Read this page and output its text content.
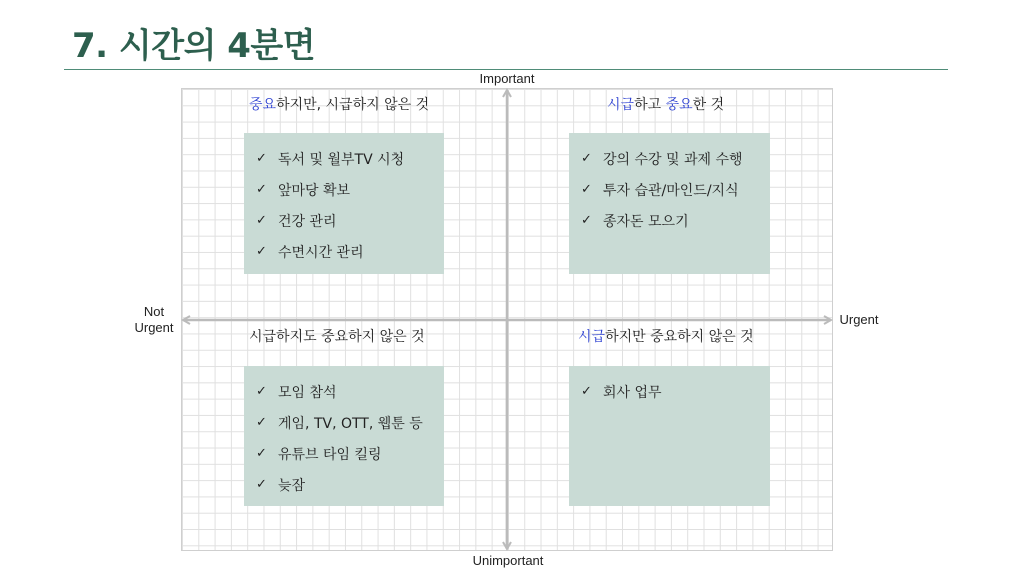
7. 시간의 4분면
Important
Unimportant
Not
Urgent
Urgent
중요하지만, 시급하지 않은 것
✓ 독서 및 월부TV 시청
✓ 앞마당 확보
✓ 건강 관리
✓ 수면시간 관리
시급하고 중요한 것
✓ 강의 수강 및 과제 수행
✓ 투자 습관/마인드/지식
✓ 종자돈 모으기
시급하지도 중요하지 않은 것
✓ 모임 참석
✓ 게임, TV, OTT, 웹툰 등
✓ 유튜브 타임 킬링
✓ 늦잠
시급하지만 중요하지 않은 것
✓ 회사 업무
